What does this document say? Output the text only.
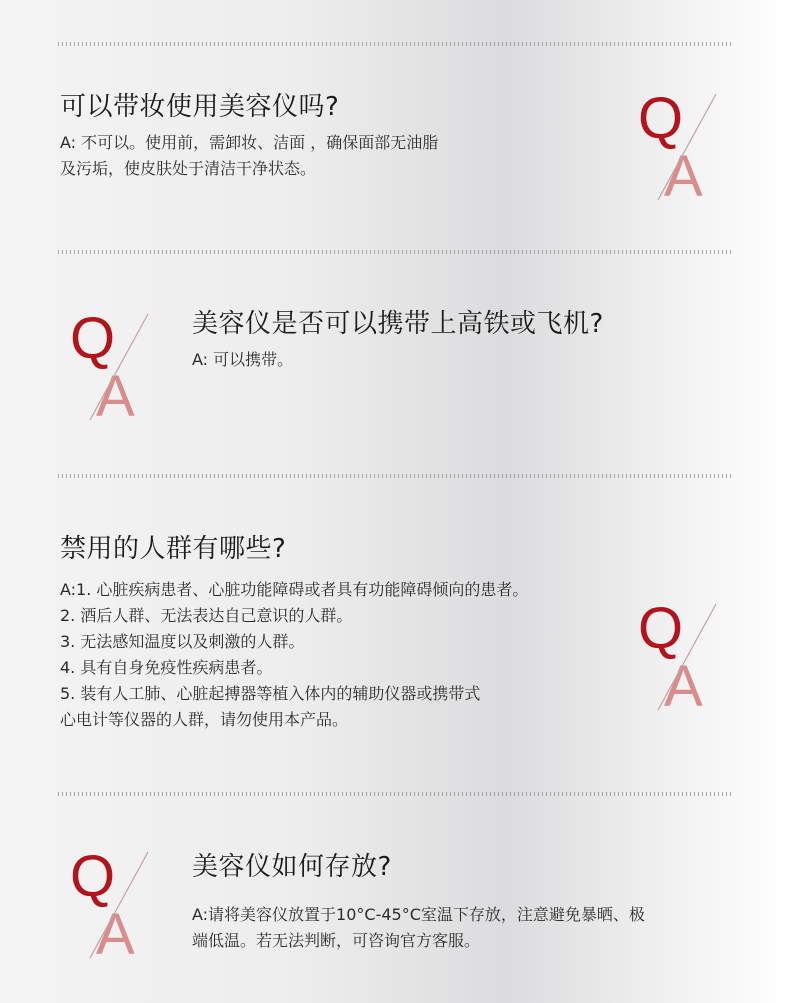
可以带妆使用美容仪吗?
A: 不可以。使用前，需卸妆、洁面 ，确保面部无油脂
及污垢，使皮肤处于清洁干净状态。
Q
A
Q
A
美容仪是否可以携带上高铁或飞机?
A: 可以携带。
禁用的人群有哪些?
A:1. 心脏疾病患者、心脏功能障碍或者具有功能障碍倾向的患者。
2. 酒后人群、无法表达自己意识的人群。
3. 无法感知温度以及刺激的人群。
4. 具有自身免疫性疾病患者。
5. 装有人工肺、心脏起搏器等植入体内的辅助仪器或携带式
心电计等仪器的人群，请勿使用本产品。
Q
A
Q
A
美容仪如何存放?
A:请将美容仪放置于10°C-45°C室温下存放，注意避免暴晒、极
端低温。若无法判断，可咨询官方客服。
